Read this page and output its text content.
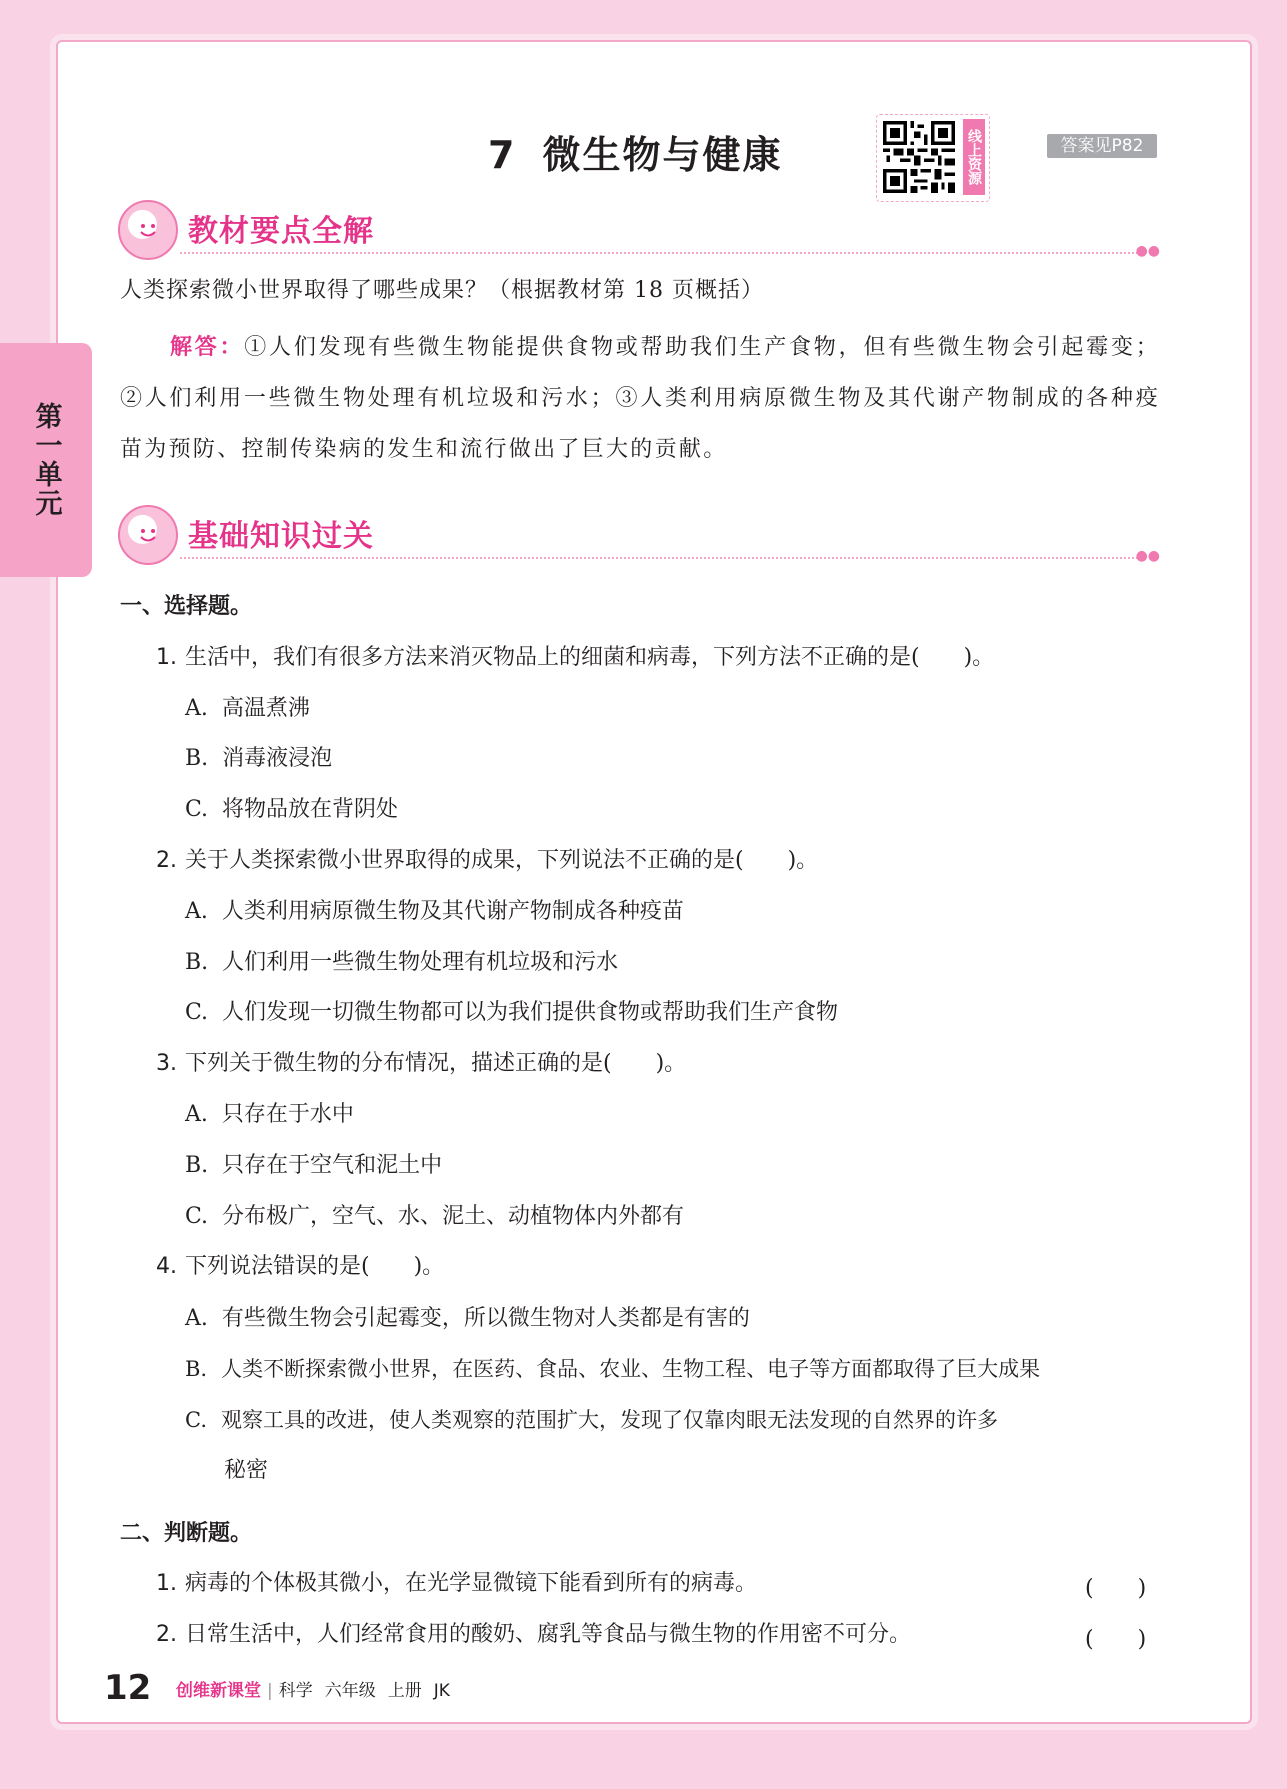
第一单元
7 微生物与健康	线上资源	答案见P82
教材要点全解
●●
人类探索微小世界取得了哪些成果？（根据教材第 18 页概括）
解答：①人们发现有些微生物能提供食物或帮助我们生产食物，但有些微生物会引起霉变；②人们利用一些微生物处理有机垃圾和污水；③人类利用病原微生物及其代谢产物制成的各种疫苗为预防、控制传染病的发生和流行做出了巨大的贡献。
基础知识过关
●●
一、选择题。
1. 生活中，我们有很多方法来消灭物品上的细菌和病毒，下列方法不正确的是(　　)。
A. 高温煮沸
B. 消毒液浸泡
C. 将物品放在背阴处
2. 关于人类探索微小世界取得的成果，下列说法不正确的是(　　)。
A. 人类利用病原微生物及其代谢产物制成各种疫苗
B. 人们利用一些微生物处理有机垃圾和污水
C. 人们发现一切微生物都可以为我们提供食物或帮助我们生产食物
3. 下列关于微生物的分布情况，描述正确的是(　　)。
A. 只存在于水中
B. 只存在于空气和泥土中
C. 分布极广，空气、水、泥土、动植物体内外都有
4. 下列说法错误的是(　　)。
A. 有些微生物会引起霉变，所以微生物对人类都是有害的
B. 人类不断探索微小世界，在医药、食品、农业、生物工程、电子等方面都取得了巨大成果
C. 观察工具的改进，使人类观察的范围扩大，发现了仅靠肉眼无法发现的自然界的许多
秘密
二、判断题。
1. 病毒的个体极其微小，在光学显微镜下能看到所有的病毒。	(　　)
2. 日常生活中，人们经常食用的酸奶、腐乳等食品与微生物的作用密不可分。	(　　)
12 创维新课堂 | 科学 六年级 上册 JK
